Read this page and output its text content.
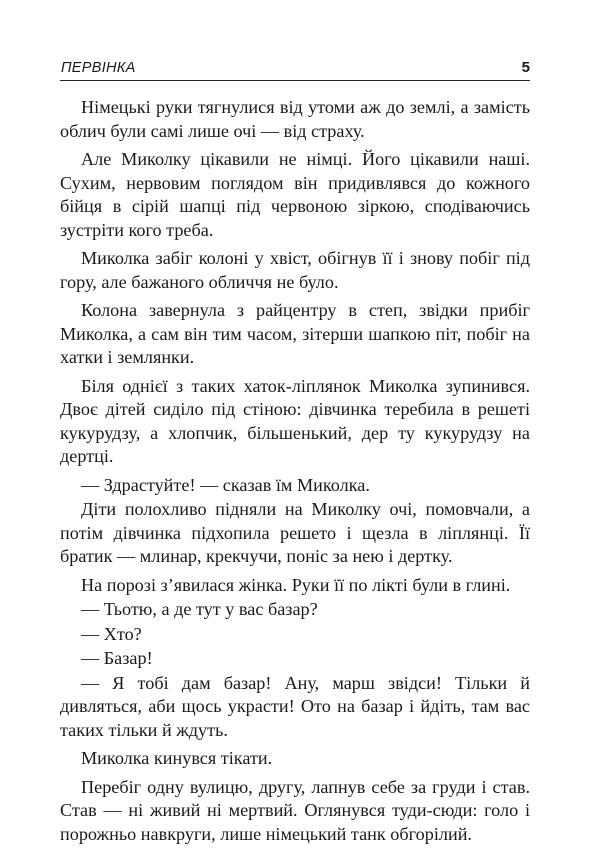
ПЕРВІНКА	5

Німецькі руки тягнулися від утоми аж до землі, а замість облич були самі лише очі — від страху.

Але Миколку цікавили не німці. Його цікавили наші. Сухим, нервовим поглядом він придивлявся до кожного бійця в сірій шапці під червоною зіркою, сподіваючись зустріти кого треба.

Миколка забіг колоні у хвіст, обігнув її і знову побіг під гору, але бажаного обличчя не було.

Колона завернула з райцентру в степ, звідки прибіг Миколка, а сам він тим часом, зітерши шапкою піт, побіг на хатки і землянки.

Біля однієї з таких хаток-ліплянок Миколка зупинився. Двоє дітей сиділо під стіною: дівчинка теребила в решеті кукурудзу, а хлопчик, більшенький, дер ту кукурудзу на дертці.

— Здрастуйте! — сказав їм Миколка.

Діти полохливо підняли на Миколку очі, помовчали, а потім дівчинка підхопила решето і щезла в ліплянці. Її братик — млинар, крекчучи, поніс за нею і дертку.

На порозі з’явилася жінка. Руки її по лікті були в глині.

— Тьотю, а де тут у вас базар?

— Хто?

— Базар!

— Я тобі дам базар! Ану, марш звідси! Тільки й дивляться, аби щось украсти! Ото на базар і йдіть, там вас таких тільки й ждуть.

Миколка кинувся тікати.

Перебіг одну вулицю, другу, лапнув себе за груди і став. Став — ні живий ні мертвий. Оглянувся туди-сюди: голо і порожньо навкруги, лише німецький танк обгорілий.
